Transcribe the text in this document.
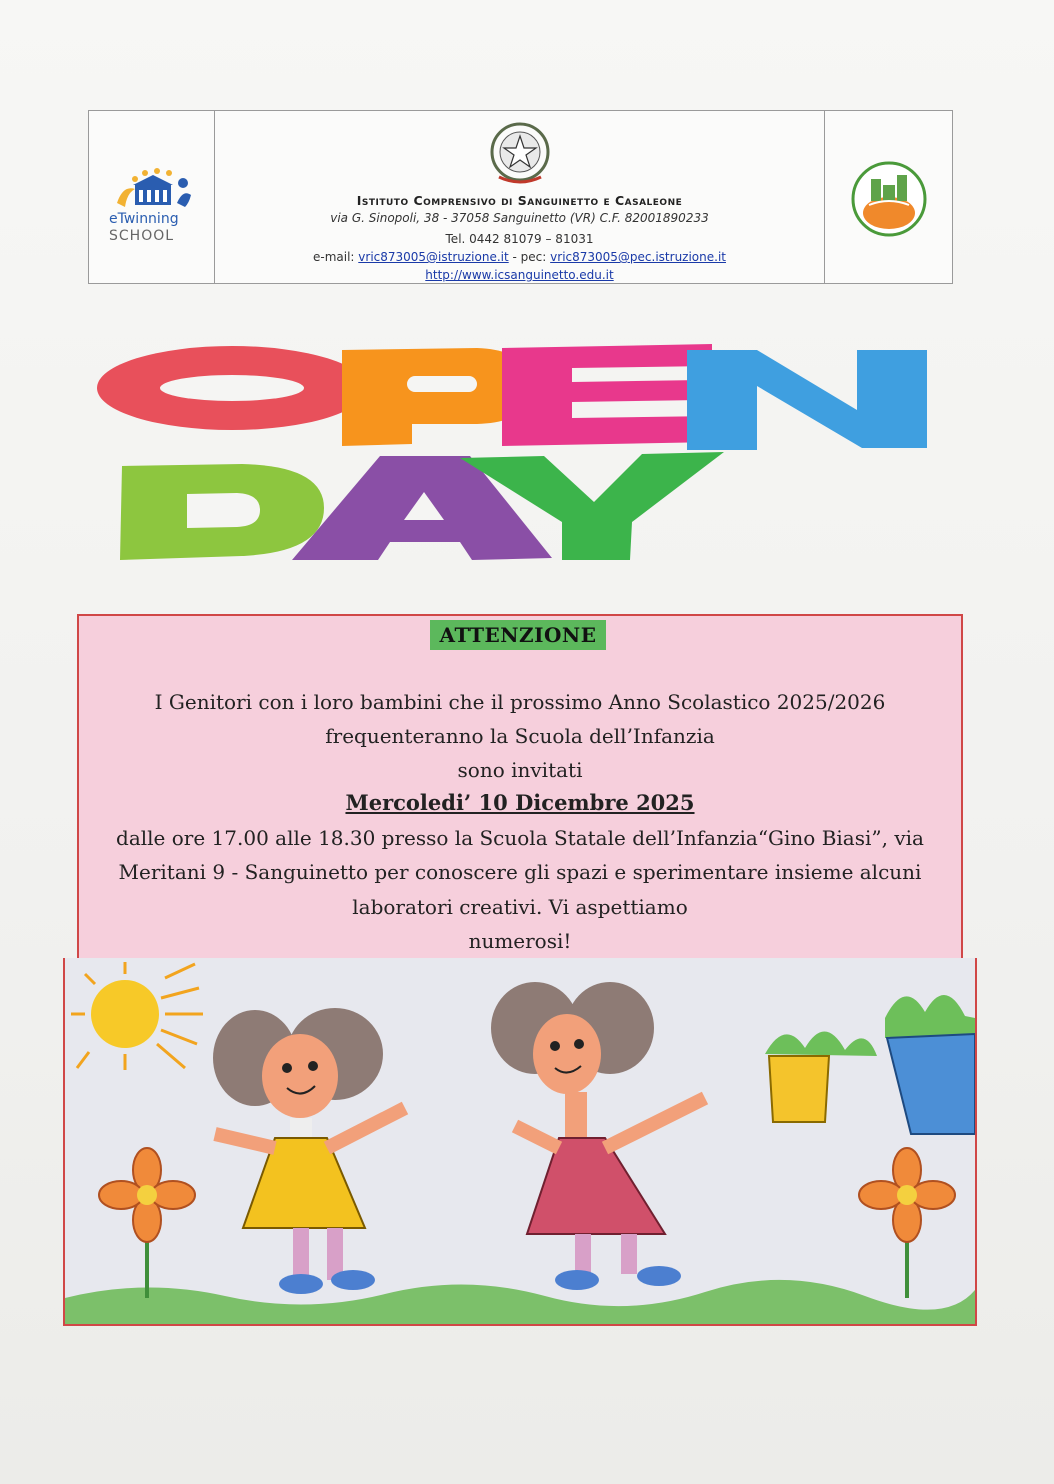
eTwinning
SCHOOL
Istituto Comprensivo di Sanguinetto e Casaleone
via G. Sinopoli, 38 - 37058 Sanguinetto (VR) C.F. 82001890233
Tel. 0442 81079 – 81031
e-mail: vric873005@istruzione.it - pec: vric873005@pec.istruzione.it
http://www.icsanguinetto.edu.it
ATTENZIONE
I Genitori con i loro bambini che il prossimo Anno Scolastico 2025/2026
frequenteranno la Scuola dell’Infanzia
sono invitati
Mercoledi’ 10 Dicembre 2025
dalle ore 17.00 alle 18.30 presso la Scuola Statale dell’Infanzia“Gino Biasi”, via
Meritani 9 - Sanguinetto per conoscere gli spazi e sperimentare insieme alcuni
laboratori creativi. Vi aspettiamo
numerosi!
